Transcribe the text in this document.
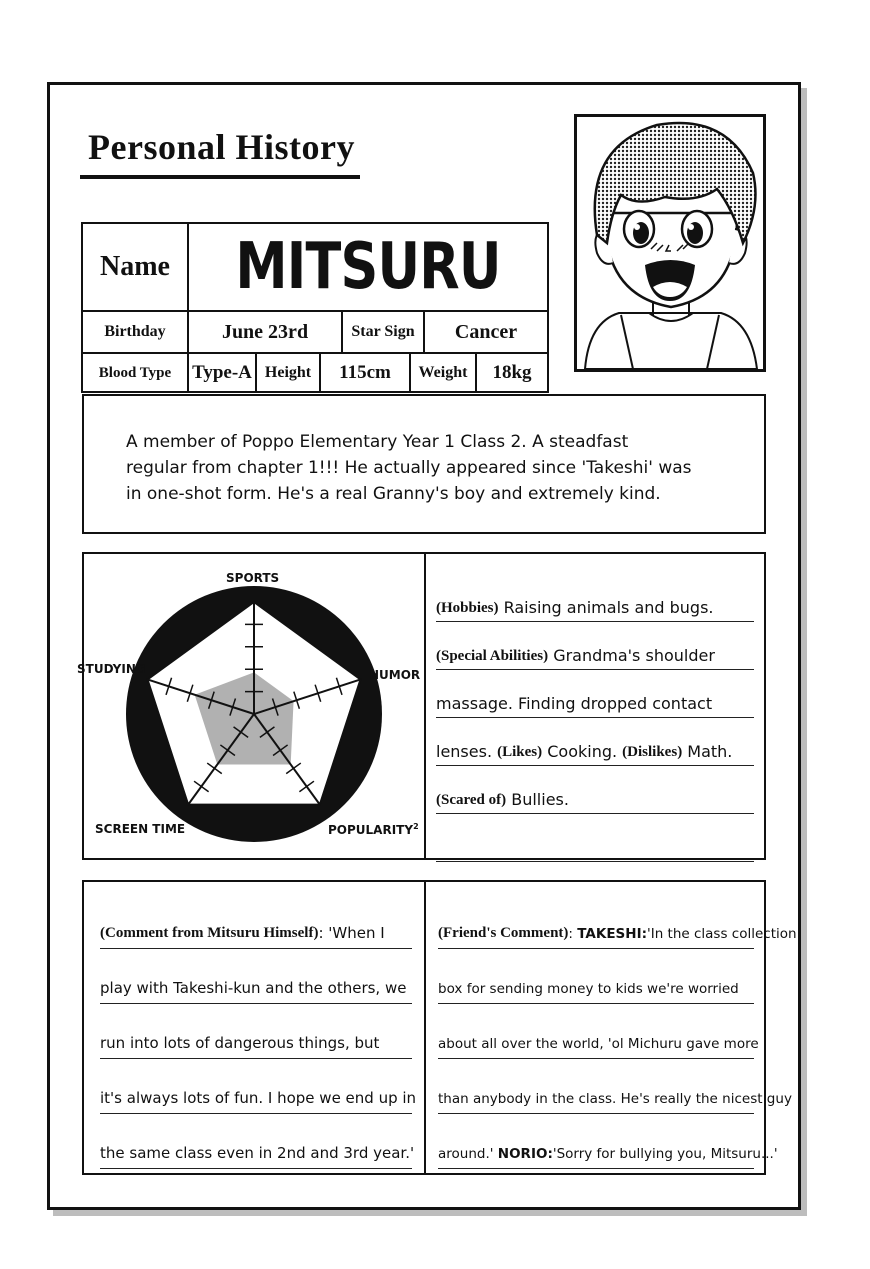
Personal History
Name MITSURU
Birthday	June 23rd	Star Sign	Cancer
Blood Type	Type-A Height	115cm	Weight	18kg
A member of Poppo Elementary Year 1 Class 2. A steadfast
regular from chapter 1!!! He actually appeared since 'Takeshi' was
in one-shot form. He's a real Granny's boy and extremely kind.
SPORTS
HUMOR
POPULARITY$^2$
SCREEN TIME
STUDYING
(Hobbies)
Raising animals and bugs.
(Special Abilities)
Grandma's shoulder
massage. Finding dropped contact
lenses.
(Likes)
Cooking.
(Dislikes)
Math.
(Scared of)
Bullies.
(Comment from Mitsuru Himself) : 'When I
play with Takeshi-kun and the others, we
run into lots of dangerous things, but
it's always lots of fun. I hope we end up in
the same class even in 2nd and 3rd year.'
(Friend's Comment) : TAKESHI: 'In the class collection
box for sending money to kids we're worried
about all over the world, 'ol Michuru gave more
than anybody in the class. He's really the nicest guy
around.'
NORIO: 'Sorry for bullying you, Mitsuru...'
